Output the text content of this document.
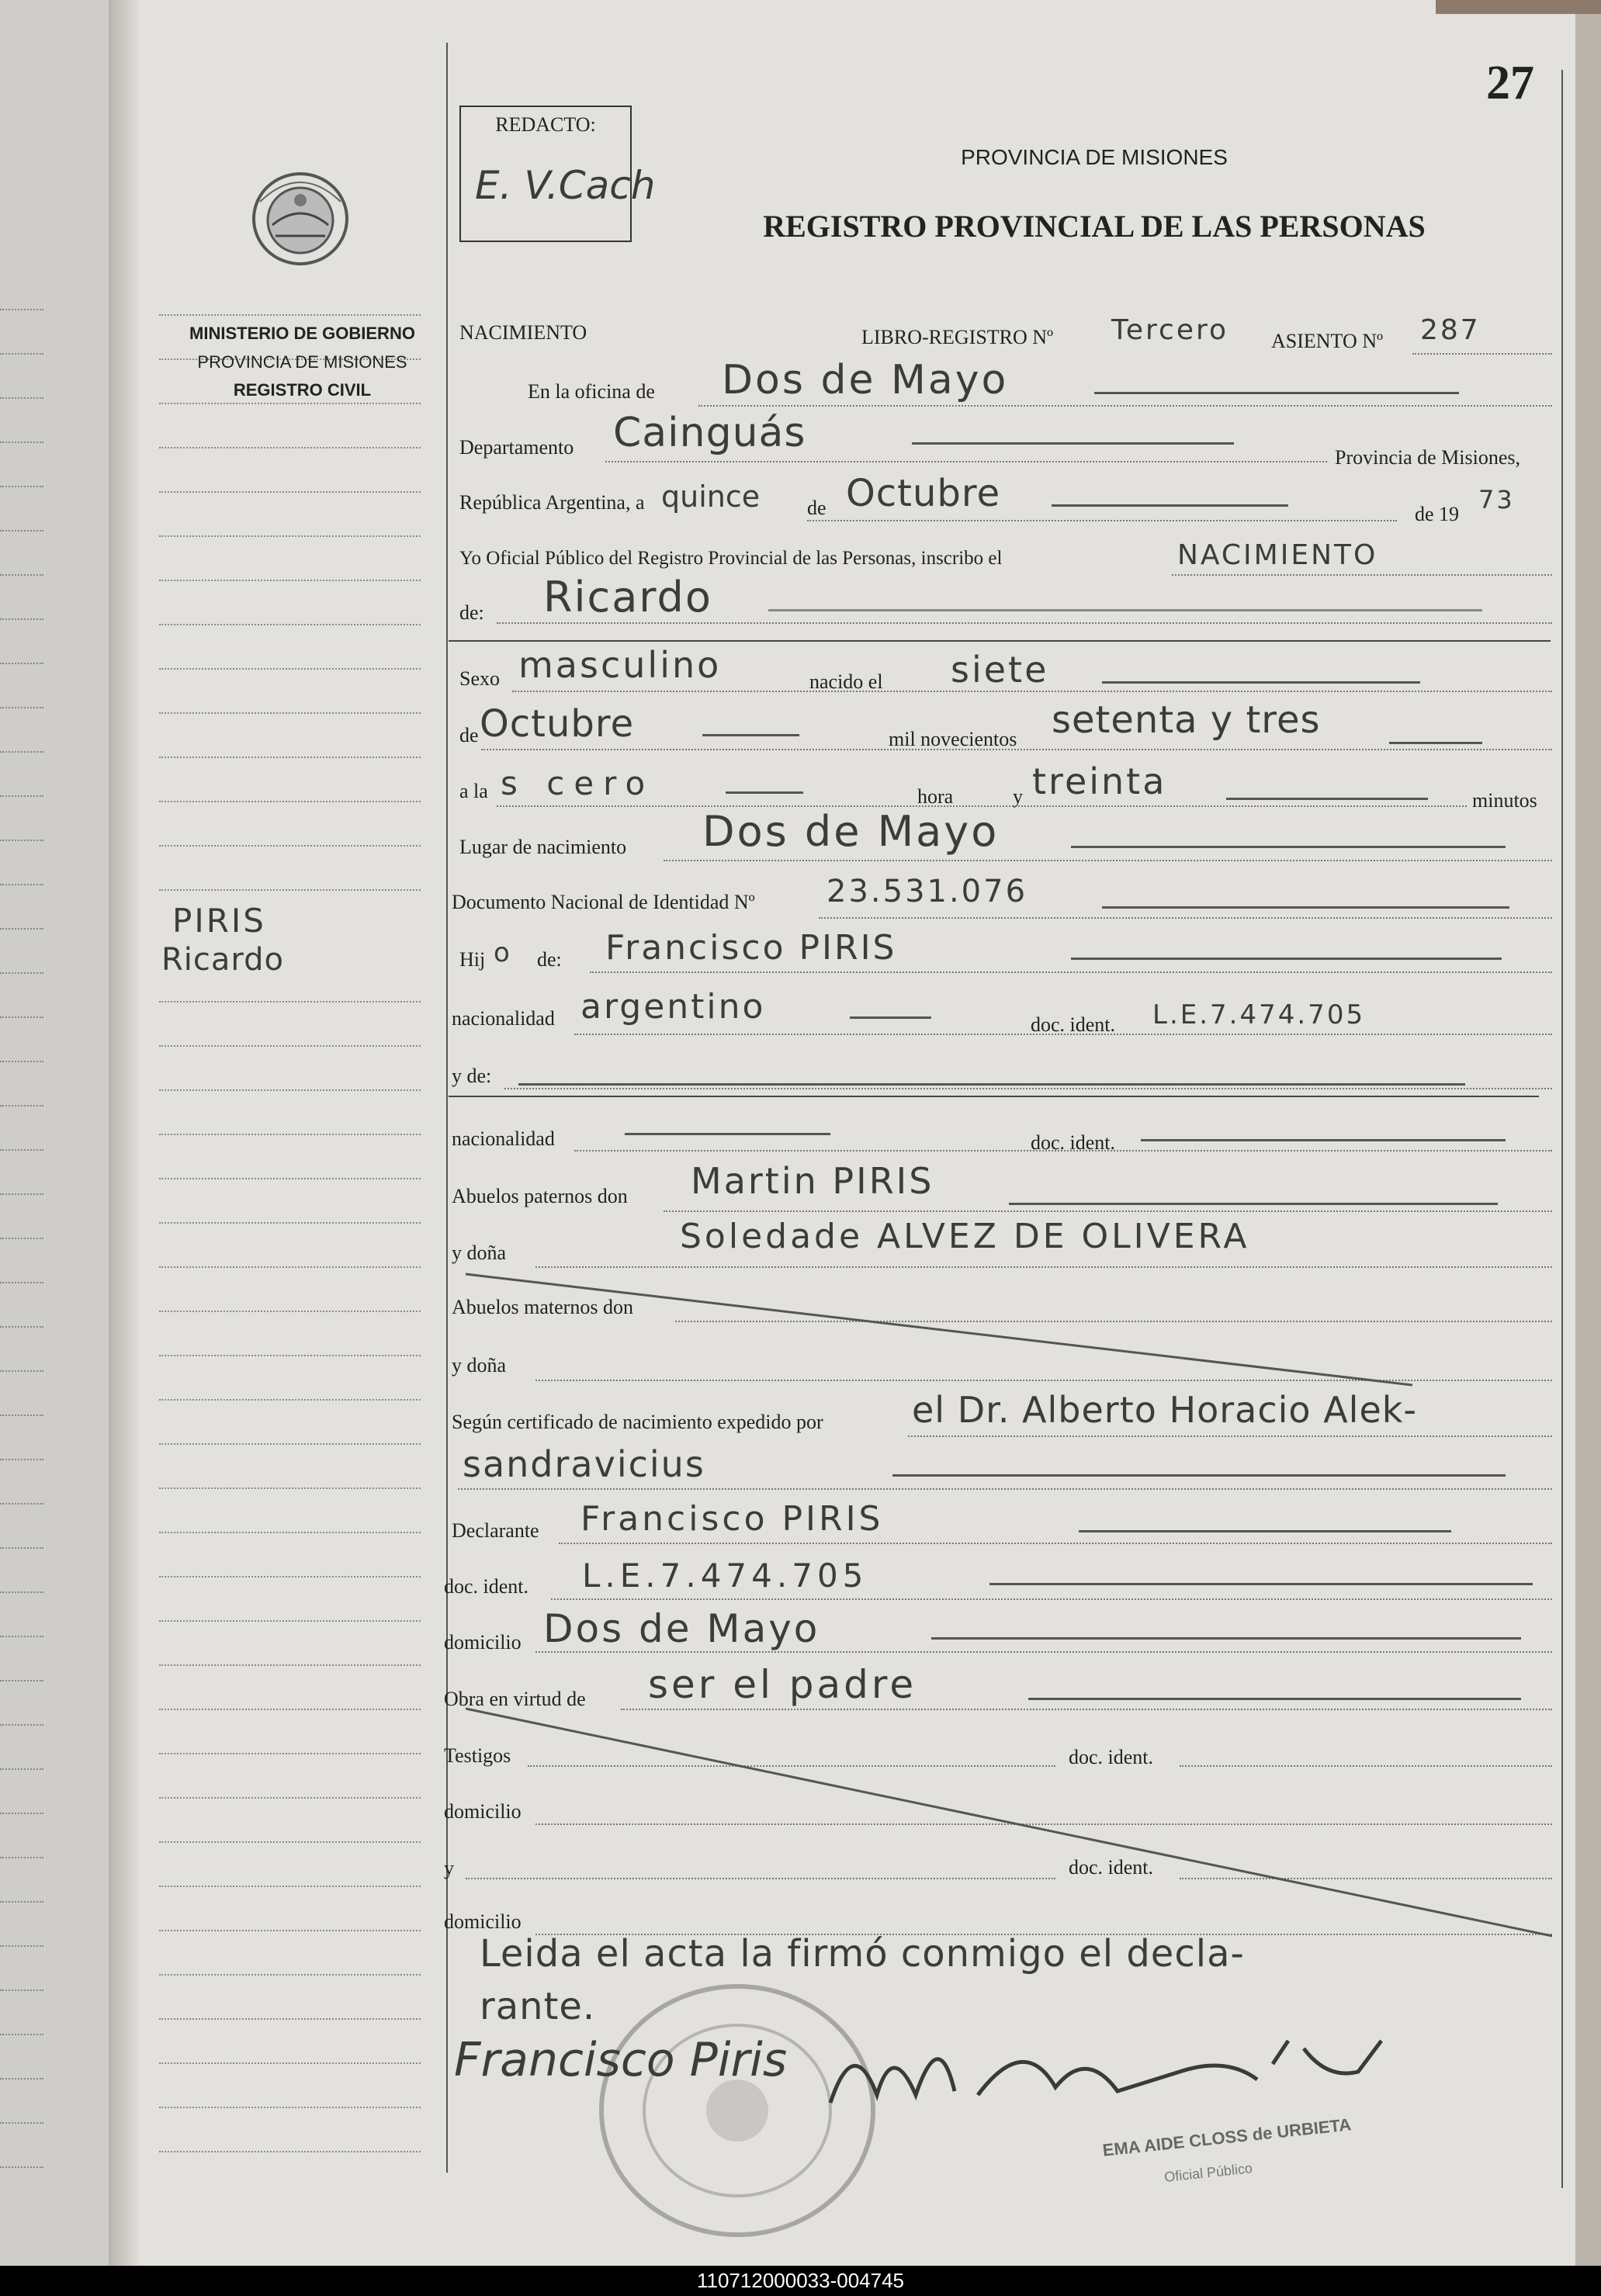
MINISTERIO DE GOBIERNO
PROVINCIA DE MISIONES
REGISTRO CIVIL
PIRIS
Ricardo
27
REDACTO:
E. V.Cach
PROVINCIA DE MISIONES
REGISTRO PROVINCIAL DE LAS PERSONAS
NACIMIENTO	LIBRO-REGISTRO Nº Tercero ASIENTO Nº 287
En la oficina de Dos de Mayo
Departamento Cainguás
Provincia de Misiones,
República Argentina, a quince de Octubre	de 19 73
Yo Oficial Público del Registro Provincial de las Personas, inscribo el	NACIMIENTO
de: Ricardo
Sexo masculino	nacido el siete
de Octubre	mil novecientos setenta y tres
a la s cero	hora	y treinta	minutos
Lugar de nacimiento Dos de Mayo
Documento Nacional de Identidad Nº 23.531.076
Hij o de: Francisco PIRIS
nacionalidad argentino	doc. ident. L.E.7.474.705
y de:
nacionalidad	doc. ident.
Abuelos paternos don Martin PIRIS
y doña	Soledade ALVEZ DE OLIVERA
Abuelos maternos don
y doña
Según certificado de nacimiento expedido por el Dr. Alberto Horacio Alek-
sandravicius
Declarante Francisco PIRIS
doc. ident. L.E.7.474.705
domicilio Dos de Mayo
Obra en virtud de ser el padre
Testigos	doc. ident.
domicilio
y	doc. ident.
domicilio
Leida el acta la firmó conmigo el decla-
rante.
Francisco Piris
EMA AIDE CLOSS de URBIETA
Oficial Público
110712000033-004745
